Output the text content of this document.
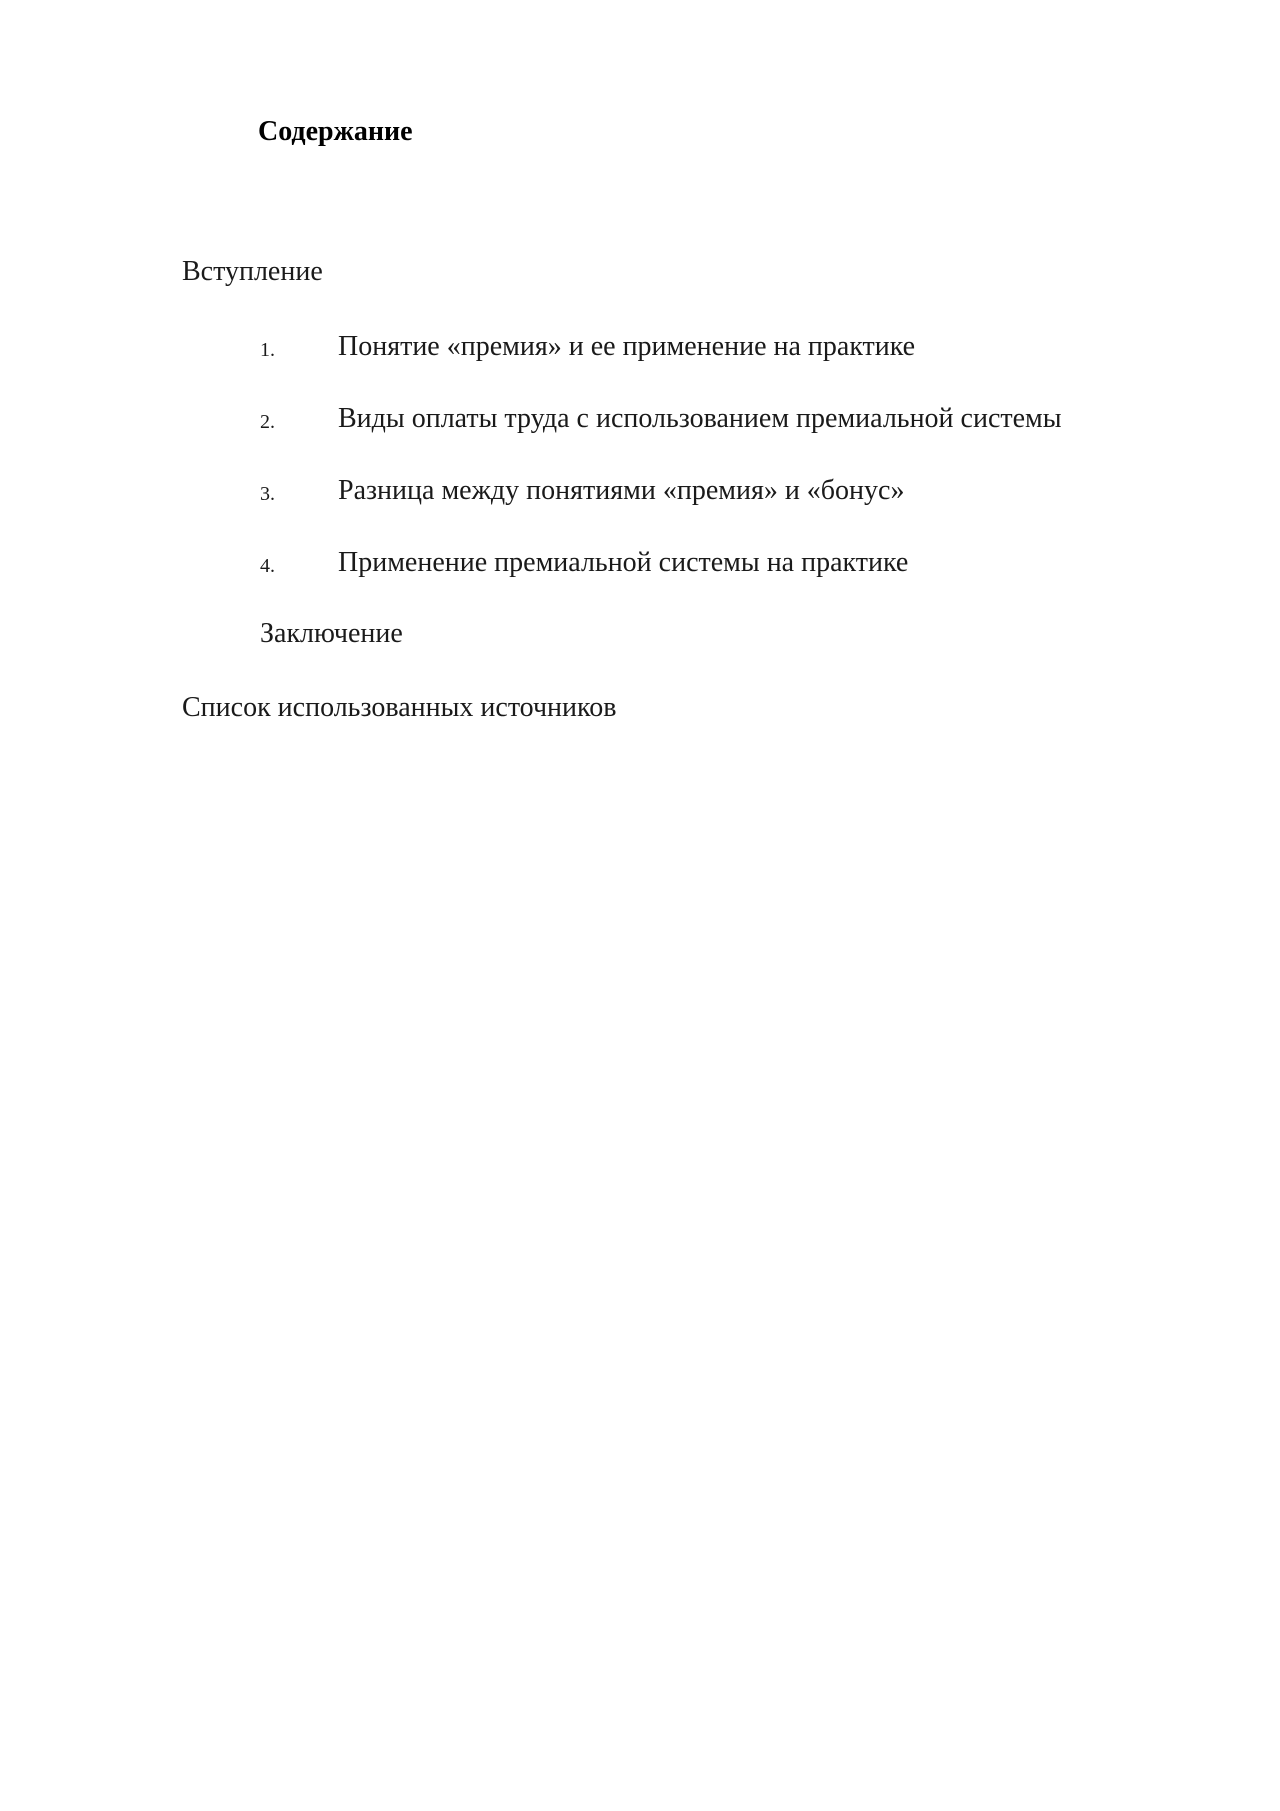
Содержание
Вступление
1. Понятие «премия» и ее применение на практике
2. Виды оплаты труда с использованием премиальной системы
3. Разница между понятиями «премия» и «бонус»
4. Применение премиальной системы на практике
Заключение
Список использованных источников
